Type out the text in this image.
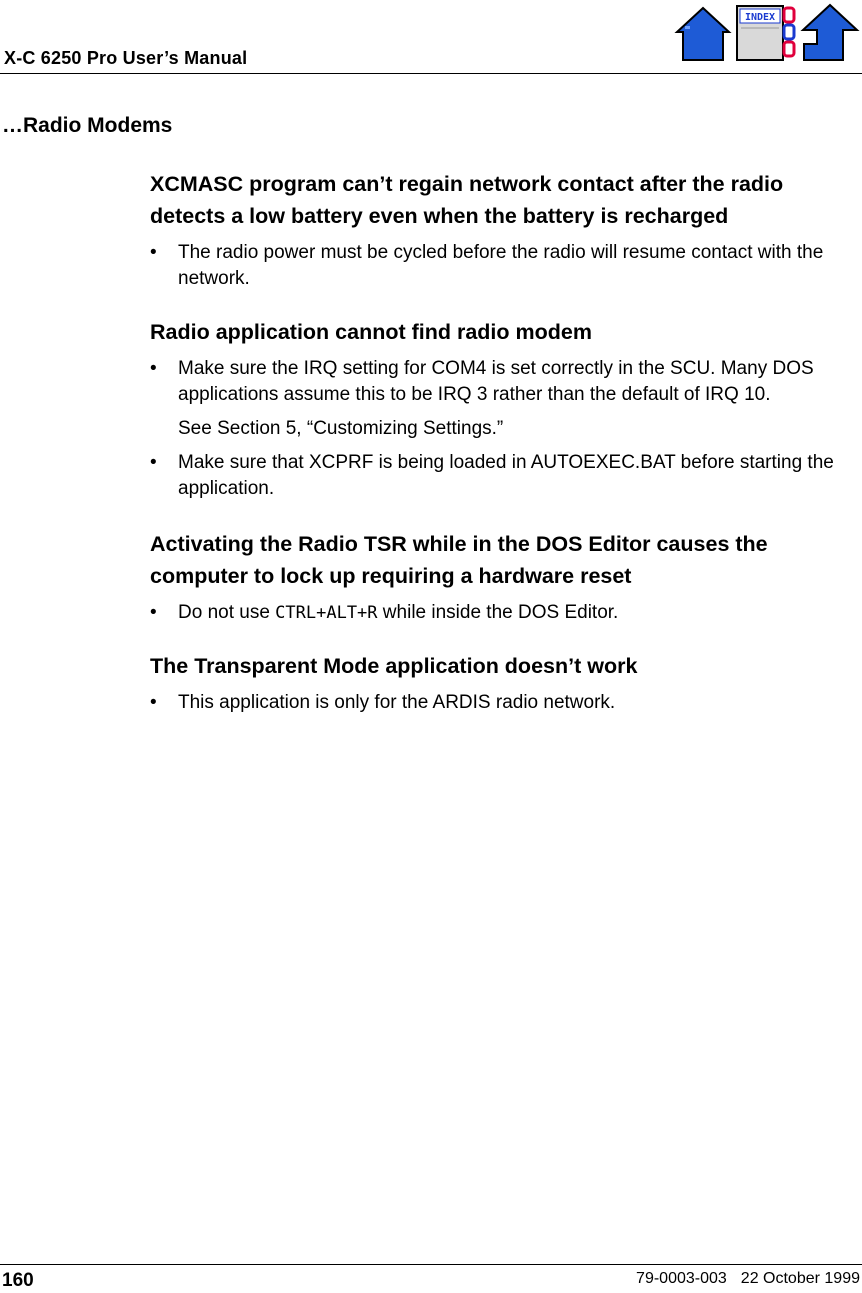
X-C 6250 Pro User’s Manual
INDEX
…Radio Modems
XCMASC program can’t regain network contact after the radio detects a low battery even when the battery is recharged
• The radio power must be cycled before the radio will resume contact with the network.
Radio application cannot find radio modem
• Make sure the IRQ setting for COM4 is set correctly in the SCU. Many DOS applications assume this to be IRQ 3 rather than the default of IRQ 10.
See Section 5, “Customizing Settings.”
• Make sure that XCPRF is being loaded in AUTOEXEC.BAT before starting the application.
Activating the Radio TSR while in the DOS Editor causes the computer to lock up requiring a hardware reset
• Do not use CTRL+ALT+R while inside the DOS Editor.
The Transparent Mode application doesn’t work
• This application is only for the ARDIS radio network.
160	79-0003-003 22 October 1999
